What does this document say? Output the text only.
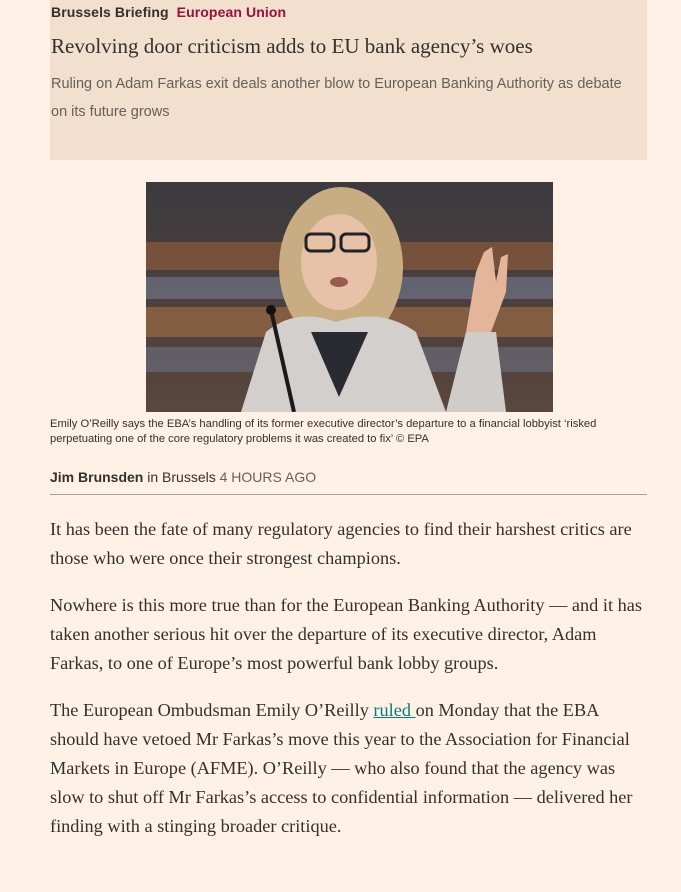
Brussels Briefing European Union
Revolving door criticism adds to EU bank agency’s woes
Ruling on Adam Farkas exit deals another blow to European Banking Authority as debate on its future grows
Emily O’Reilly says the EBA’s handling of its former executive director’s departure to a financial lobbyist ‘risked perpetuating one of the core regulatory problems it was created to fix’ © EPA
Jim Brunsden in Brussels 4 HOURS AGO

It has been the fate of many regulatory agencies to find their harshest critics are those who were once their strongest champions.

Nowhere is this more true than for the European Banking Authority — and it has taken another serious hit over the departure of its executive director, Adam Farkas, to one of Europe’s most powerful bank lobby groups.

The European Ombudsman Emily O’Reilly ruled on Monday that the EBA should have vetoed Mr Farkas’s move this year to the Association for Financial Markets in Europe (AFME). O’Reilly — who also found that the agency was slow to shut off Mr Farkas’s access to confidential information — delivered her finding with a stinging broader critique.
